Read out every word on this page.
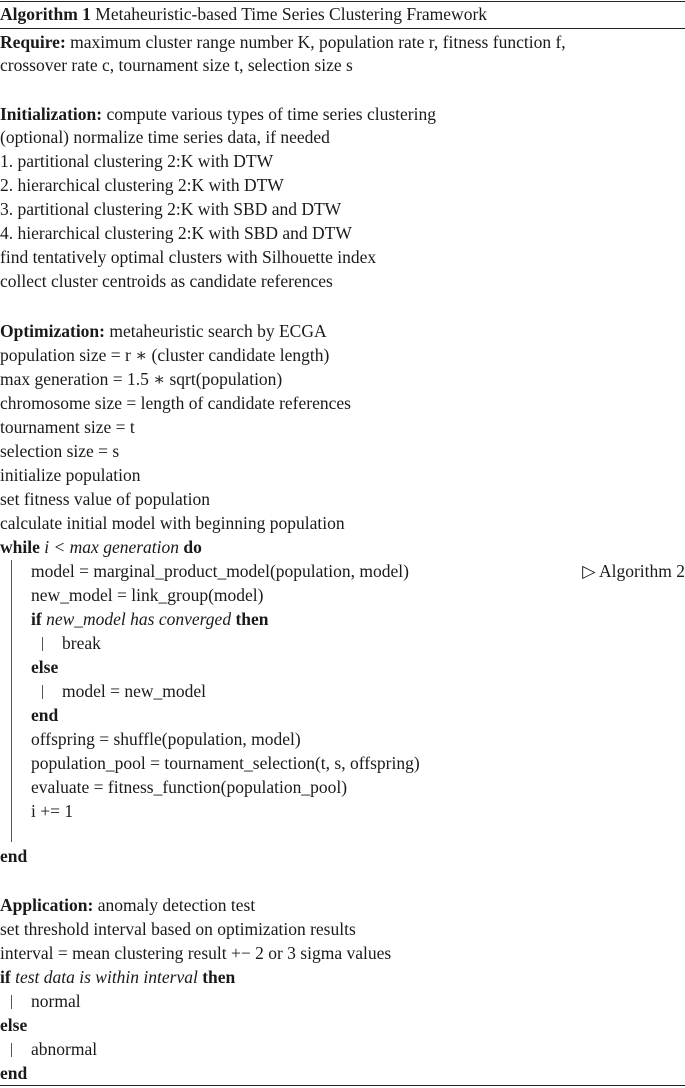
Algorithm 1 Metaheuristic-based Time Series Clustering Framework
Require: maximum cluster range number K, population rate r, fitness function f,
crossover rate c, tournament size t, selection size s
Initialization: compute various types of time series clustering
(optional) normalize time series data, if needed
1. partitional clustering 2:K with DTW
2. hierarchical clustering 2:K with DTW
3. partitional clustering 2:K with SBD and DTW
4. hierarchical clustering 2:K with SBD and DTW
find tentatively optimal clusters with Silhouette index
collect cluster centroids as candidate references
Optimization: metaheuristic search by ECGA
population size = r ∗ (cluster candidate length)
max generation = 1.5 ∗ sqrt(population)
chromosome size = length of candidate references
tournament size = t
selection size = s
initialize population
set fitness value of population
calculate initial model with beginning population
while i < max generation do
model = marginal_product_model(population, model)	▷ Algorithm 2
new_model = link_group(model)
if new_model has converged then
break
else
model = new_model
end
offspring = shuffle(population, model)
population_pool = tournament_selection(t, s, offspring)
evaluate = fitness_function(population_pool)
i += 1
end
Application: anomaly detection test
set threshold interval based on optimization results
interval = mean clustering result +− 2 or 3 sigma values
if test data is within interval then
normal
else
abnormal
end
